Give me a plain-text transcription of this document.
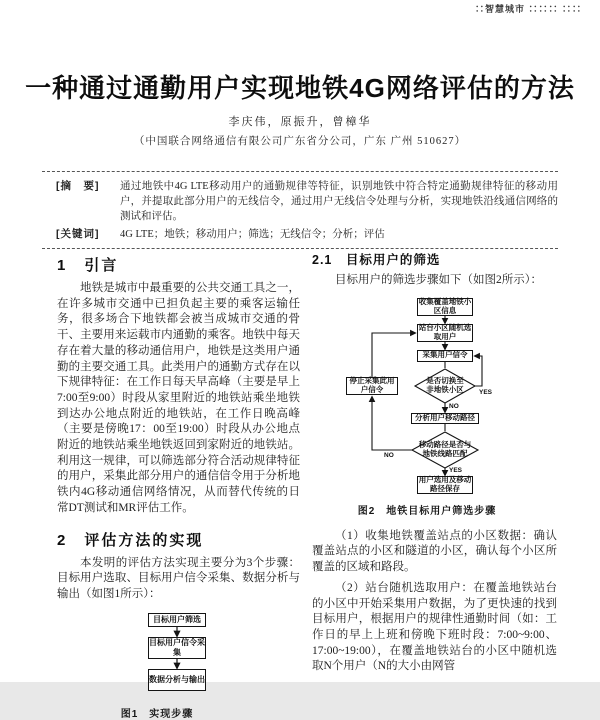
∷智慧城市 ∷∷∷ ∷∷
一种通过通勤用户实现地铁4G网络评估的方法
李庆伟，原振升，曾樟华
（中国联合网络通信有限公司广东省分公司，广东 广州 510627）
[摘　要] 通过地铁中4G LTE移动用户的通勤规律等特征，识别地铁中符合特定通勤规律特征的移动用户，并提取此部分用户的无线信令，通过用户无线信令处理与分析，实现地铁沿线通信网络的测试和评估。
[关键词] 4G LTE；地铁；移动用户；筛选；无线信令；分析；评估
1　引言

地铁是城市中最重要的公共交通工具之一，在许多城市交通中已担负起主要的乘客运输任务，很多场合下地铁都会被当成城市交通的骨干、主要用来运载市内通勤的乘客。地铁中每天存在着大量的移动通信用户，地铁是这类用户通勤的主要交通工具。此类用户的通勤方式存在以下规律特征：在工作日每天早高峰（主要是早上7:00至9:00）时段从家里附近的地铁站乘坐地铁到达办公地点附近的地铁站，在工作日晚高峰（主要是傍晚17：00至19:00）时段从办公地点附近的地铁站乘坐地铁返回到家附近的地铁站。利用这一规律，可以筛选部分符合活动规律特征的用户，采集此部分用户的通信信令用于分析地铁内4G移动通信网络情况，从而替代传统的日常DT测试和MR评估工作。

2　评估方法的实现

本发明的评估方法实现主要分为3个步骤：目标用户选取、目标用户信令采集、数据分析与输出（如图1所示）：

目标用户筛选
目标用户信令采集
数据分析与输出
图1　实现步骤
2.1　目标用户的筛选

目标用户的筛选步骤如下（如图2所示）：

收集覆盖地铁小区信息
站台小区随机选取用户
采集用户信令
是否切换至非地铁小区
停止采集此用户信令
分析用户移动路径
移动路径是否与地铁线路匹配
用户选用及移动路径保存
YES
NO
NO
YES
图2　地铁目标用户筛选步骤

（1）收集地铁覆盖站点的小区数据：确认覆盖站点的小区和隧道的小区，确认每个小区所覆盖的区域和路段。

（2）站台随机选取用户：在覆盖地铁站台的小区中开始采集用户数据，为了更快速的找到目标用户，根据用户的规律性通勤时间（如：工作日的早上上班和傍晚下班时段：7:00~9:00、17:00~19:00），在覆盖地铁站台的小区中随机选取N个用户（N的大小由网管
